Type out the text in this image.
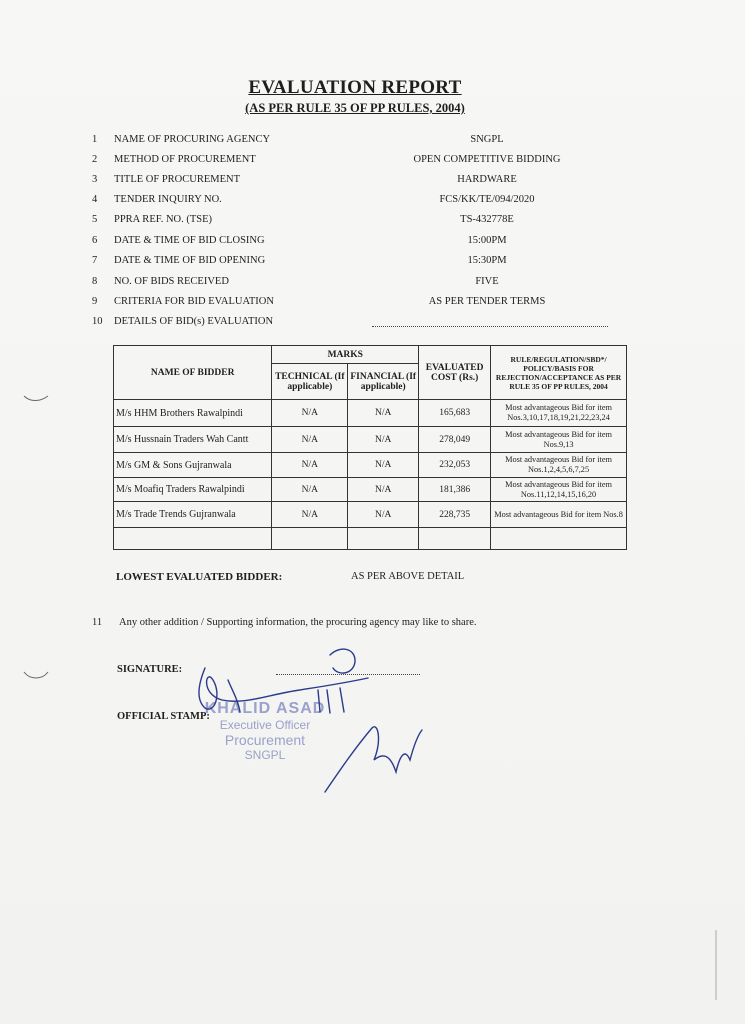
EVALUATION REPORT
(AS PER RULE 35 OF PP RULES, 2004)
1	NAME OF PROCURING AGENCY	SNGPL
2	METHOD OF PROCUREMENT	OPEN COMPETITIVE BIDDING
3	TITLE OF PROCUREMENT	HARDWARE
4	TENDER INQUIRY NO.	FCS/KK/TE/094/2020
5	PPRA REF. NO. (TSE)	TS-432778E
6	DATE & TIME OF BID CLOSING	15:00PM
7	DATE & TIME OF BID OPENING	15:30PM
8	NO. OF BIDS RECEIVED	FIVE
9	CRITERIA FOR BID EVALUATION	AS PER TENDER TERMS
10	DETAILS OF BID(s) EVALUATION
NAME OF BIDDER	MARKS		EVALUATED COST (Rs.)	RULE/REGULATION/SBD*/ POLICY/BASIS FOR REJECTION/ACCEPTANCE AS PER RULE 35 OF PP RULES, 2004
	TECHNICAL (If applicable)	FINANCIAL (If applicable)		
M/s HHM Brothers Rawalpindi	N/A	N/A	165,683	Most advantageous Bid for item Nos.3,10,17,18,19,21,22,23,24
M/s Hussnain Traders Wah Cantt	N/A	N/A	278,049	Most advantageous Bid for item Nos.9,13
M/s GM & Sons Gujranwala	N/A	N/A	232,053	Most advantageous Bid for item Nos.1,2,4,5,6,7,25
M/s Moafiq Traders Rawalpindi	N/A	N/A	181,386	Most advantageous Bid for item Nos.11,12,14,15,16,20
M/s Trade Trends Gujranwala	N/A	N/A	228,735	Most advantageous Bid for item Nos.8

LOWEST EVALUATED BIDDER:	AS PER ABOVE DETAIL
11 Any other addition / Supporting information, the procuring agency may like to share.
SIGNATURE:
OFFICIAL STAMP:
KHALID ASAD
Executive Officer
Procurement
SNGPL
